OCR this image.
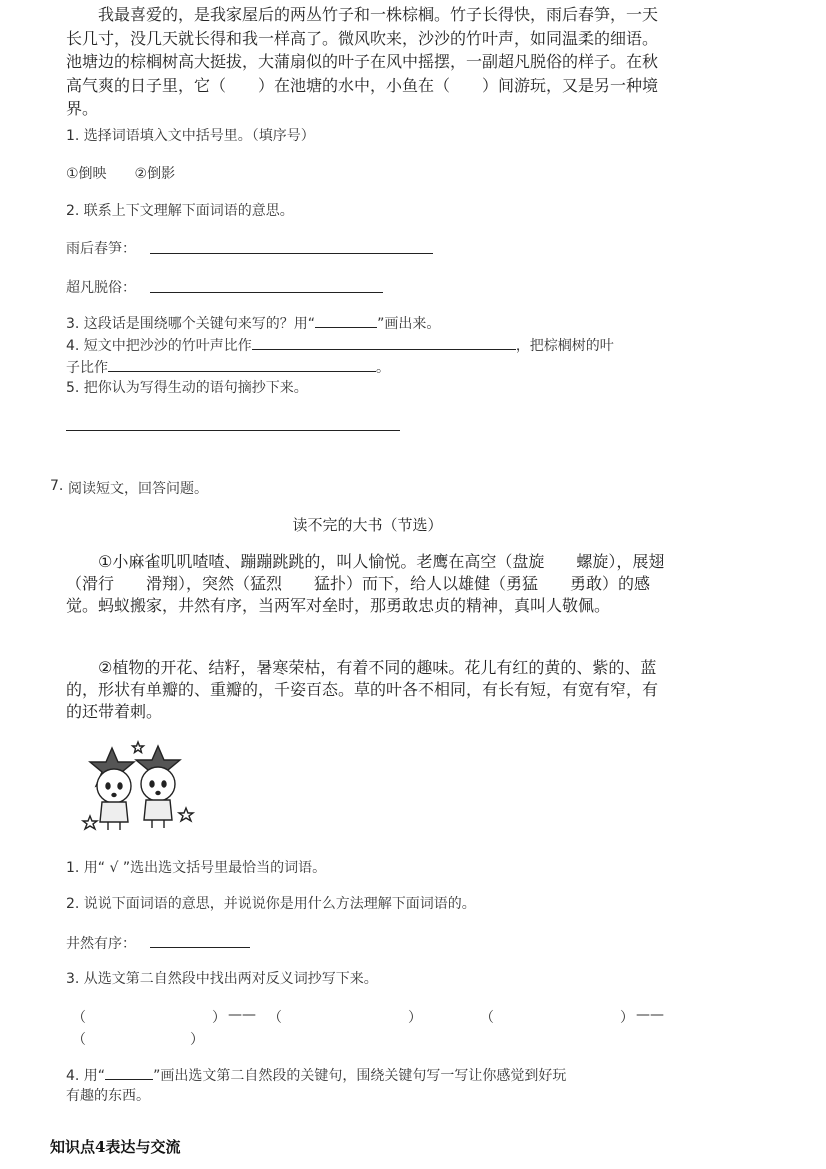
我最喜爱的，是我家屋后的两丛竹子和一株棕榈。竹子长得快，雨后春笋，一天长几寸，没几天就长得和我一样高了。微风吹来，沙沙的竹叶声，如同温柔的细语。池塘边的棕榈树高大挺拔，大蒲扇似的叶子在风中摇摆，一副超凡脱俗的样子。在秋高气爽的日子里，它（　　）在池塘的水中，小鱼在（　　）间游玩，又是另一种境界。
1. 选择词语填入文中括号里。（填序号）
①倒映　　②倒影
2. 联系上下文理解下面词语的意思。
雨后春笋：
超凡脱俗：
3. 这段话是围绕哪个关键句来写的？用“	”画出来。
4. 短文中把沙沙的竹叶声比作	，把棕榈树的叶
子比作	。
5. 把你认为写得生动的语句摘抄下来。
7. 阅读短文，回答问题。
读不完的大书（节选）
①小麻雀叽叽喳喳、蹦蹦跳跳的，叫人愉悦。老鹰在高空（盘旋　　螺旋），展翅（滑行　　滑翔），突然（猛烈　　猛扑）而下，给人以雄健（勇猛　　勇敢）的感觉。蚂蚁搬家，井然有序，当两军对垒时，那勇敢忠贞的精神，真叫人敬佩。
②植物的开花、结籽，暑寒荣枯，有着不同的趣味。花儿有红的黄的、紫的、蓝的，形状有单瓣的、重瓣的，千姿百态。草的叶各不相同，有长有短，有宽有窄，有的还带着刺。
1. 用“ √ ”选出选文括号里最恰当的词语。
2. 说说下面词语的意思，并说说你是用什么方法理解下面词语的。
井然有序：
3. 从选文第二自然段中找出两对反义词抄写下来。
（	） —— （	）	（	） ——
（	）
4. 用“	”画出选文第二自然段的关键句，围绕关键句写一写让你感觉到好玩
有趣的东西。
知识点4表达与交流
